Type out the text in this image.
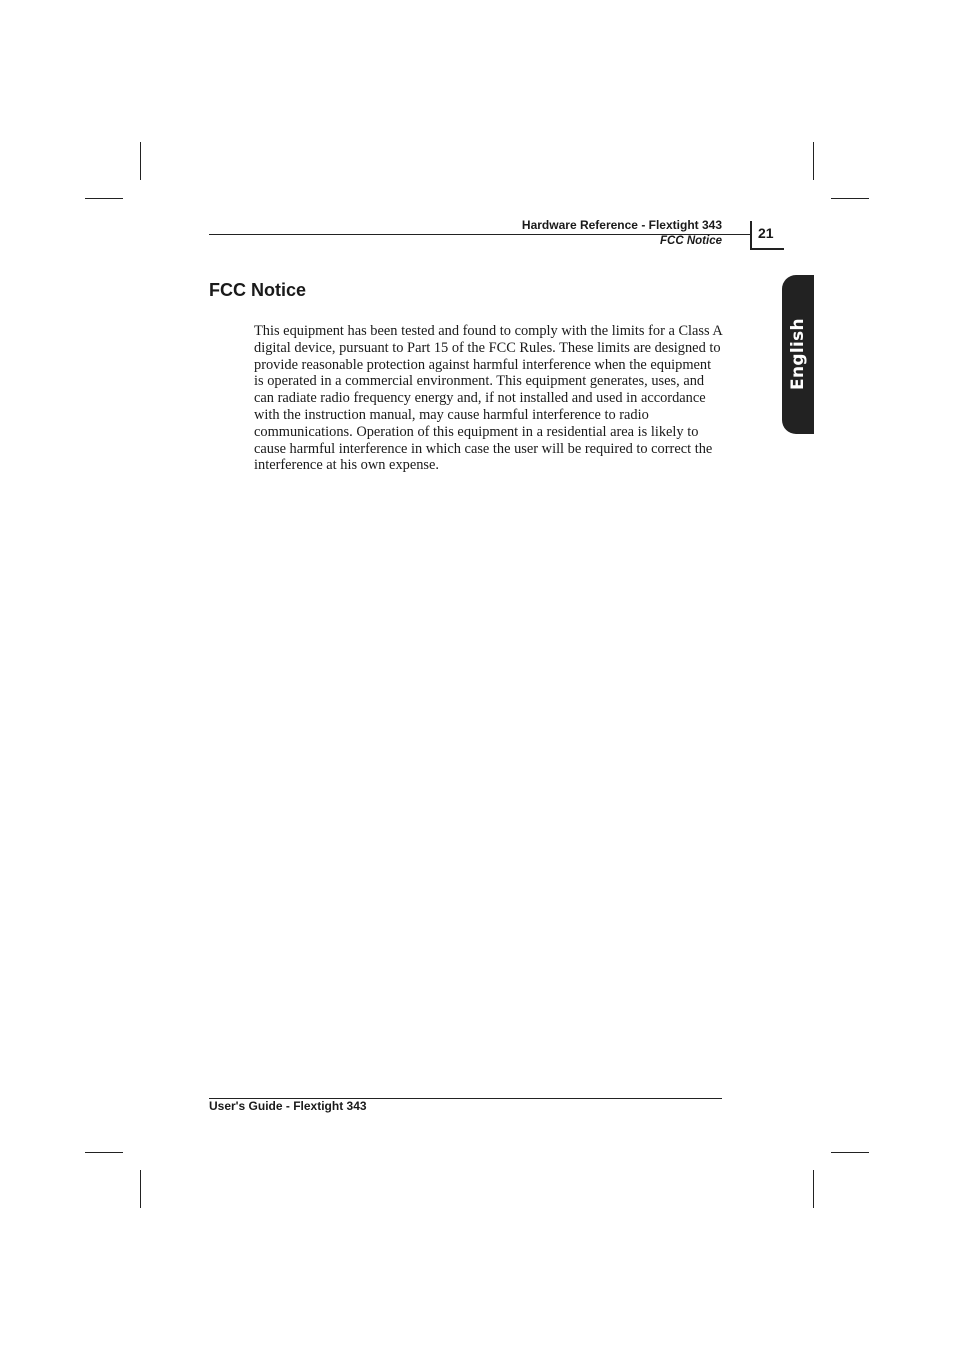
Hardware Reference - Flextight 343
FCC Notice	21
English
FCC Notice

This equipment has been tested and found to comply with the limits for a Class A digital device, pursuant to Part 15 of the FCC Rules. These limits are designed to provide reasonable protection against harmful interference when the equipment is operated in a commercial environment. This equipment generates, uses, and can radiate radio frequency energy and, if not installed and used in accordance with the instruction manual, may cause harmful interference to radio communications. Operation of this equipment in a residential area is likely to cause harmful interference in which case the user will be required to correct the interference at his own expense.

User's Guide - Flextight 343
